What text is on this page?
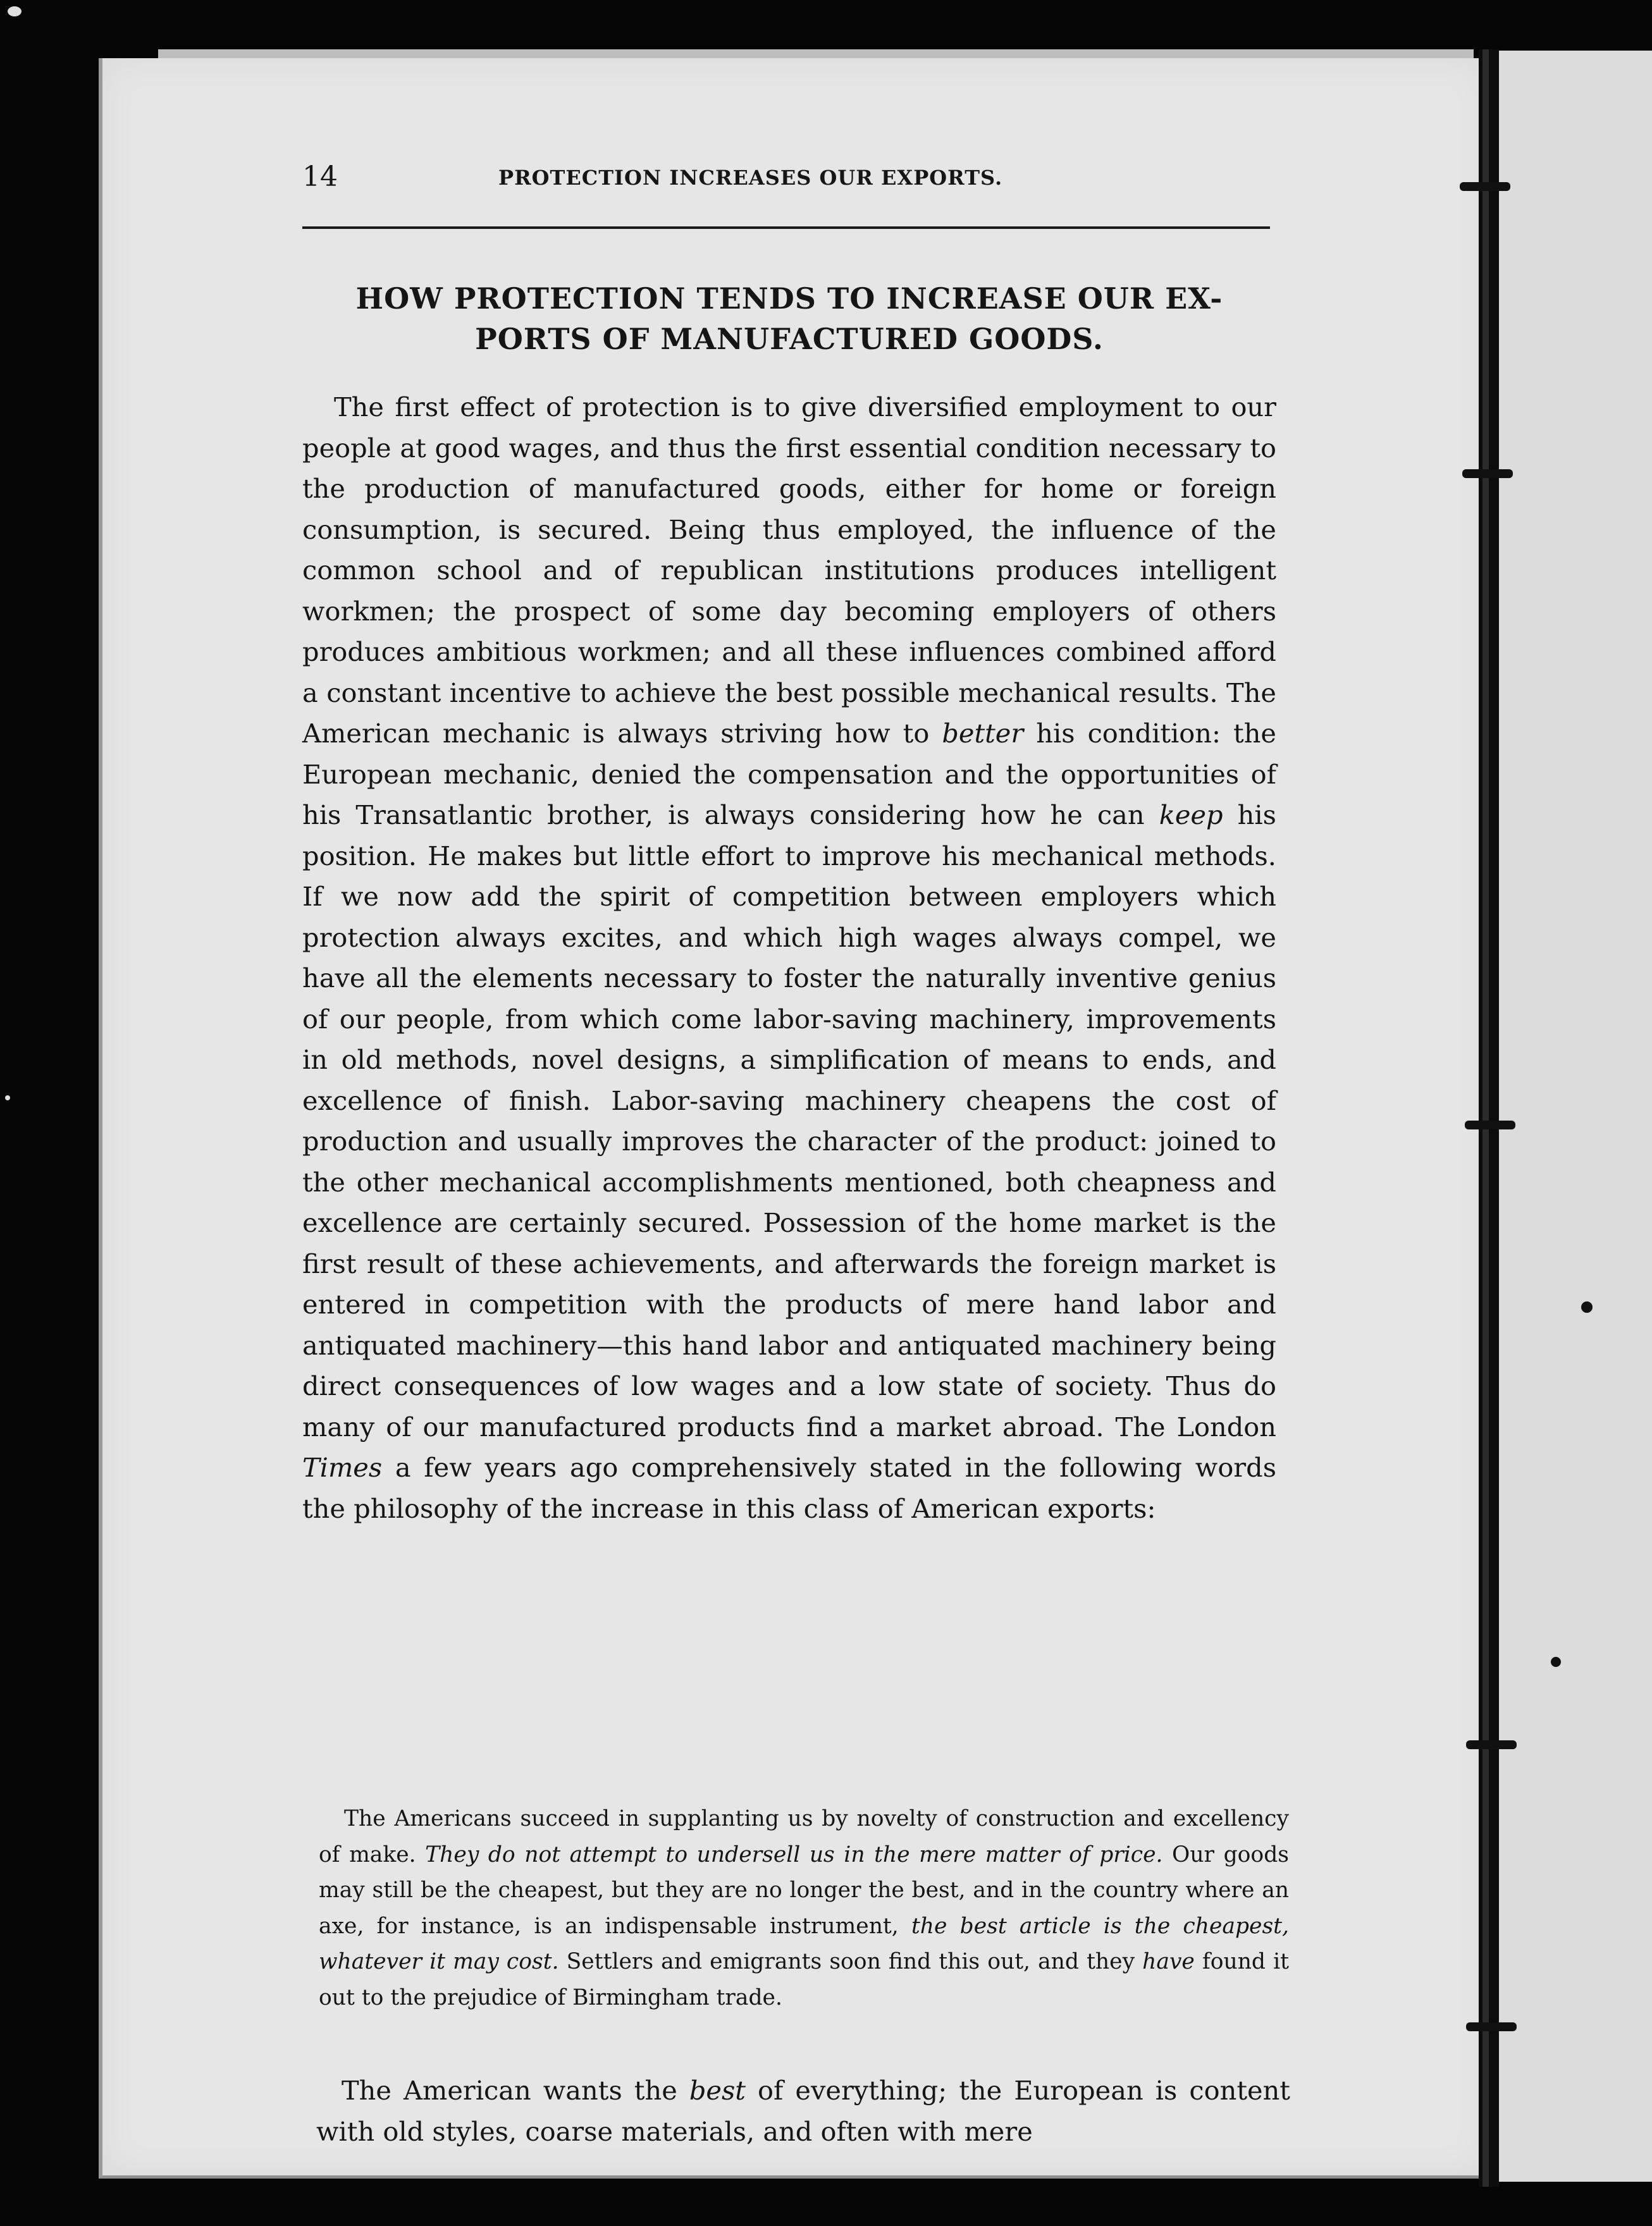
14	PROTECTION INCREASES OUR EXPORTS.
HOW PROTECTION TENDS TO INCREASE OUR EX-
PORTS OF MANUFACTURED GOODS.

The first effect of protection is to give diversified employment to our people at good wages, and thus the first essential condition necessary to the production of manufactured goods, either for home or foreign consumption, is secured. Being thus employed, the influence of the common school and of republican institutions produces intelligent workmen; the prospect of some day becoming employers of others produces ambitious workmen; and all these influences combined afford a constant incentive to achieve the best possible mechanical results. The American mechanic is always striving how to better his condition: the European mechanic, denied the compensation and the opportunities of his Transatlantic brother, is always considering how he can keep his position. He makes but little effort to improve his mechanical methods. If we now add the spirit of competition between employers which protection always excites, and which high wages always compel, we have all the elements necessary to foster the naturally inventive genius of our people, from which come labor-saving machinery, improvements in old methods, novel designs, a simplification of means to ends, and excellence of finish. Labor-saving machinery cheapens the cost of production and usually improves the character of the product: joined to the other mechanical accomplishments mentioned, both cheapness and excellence are certainly secured. Possession of the home market is the first result of these achievements, and afterwards the foreign market is entered in competition with the products of mere hand labor and antiquated machinery—this hand labor and antiquated machinery being direct consequences of low wages and a low state of society. Thus do many of our manufactured products find a market abroad. The London Times a few years ago comprehensively stated in the following words the philosophy of the increase in this class of American exports:

The Americans succeed in supplanting us by novelty of construction and excellency of make. They do not attempt to undersell us in the mere matter of price. Our goods may still be the cheapest, but they are no longer the best, and in the country where an axe, for instance, is an indispensable instrument, the best article is the cheapest, whatever it may cost. Settlers and emigrants soon find this out, and they have found it out to the prejudice of Birmingham trade.

The American wants the best of everything; the European is content with old styles, coarse materials, and often with mere
